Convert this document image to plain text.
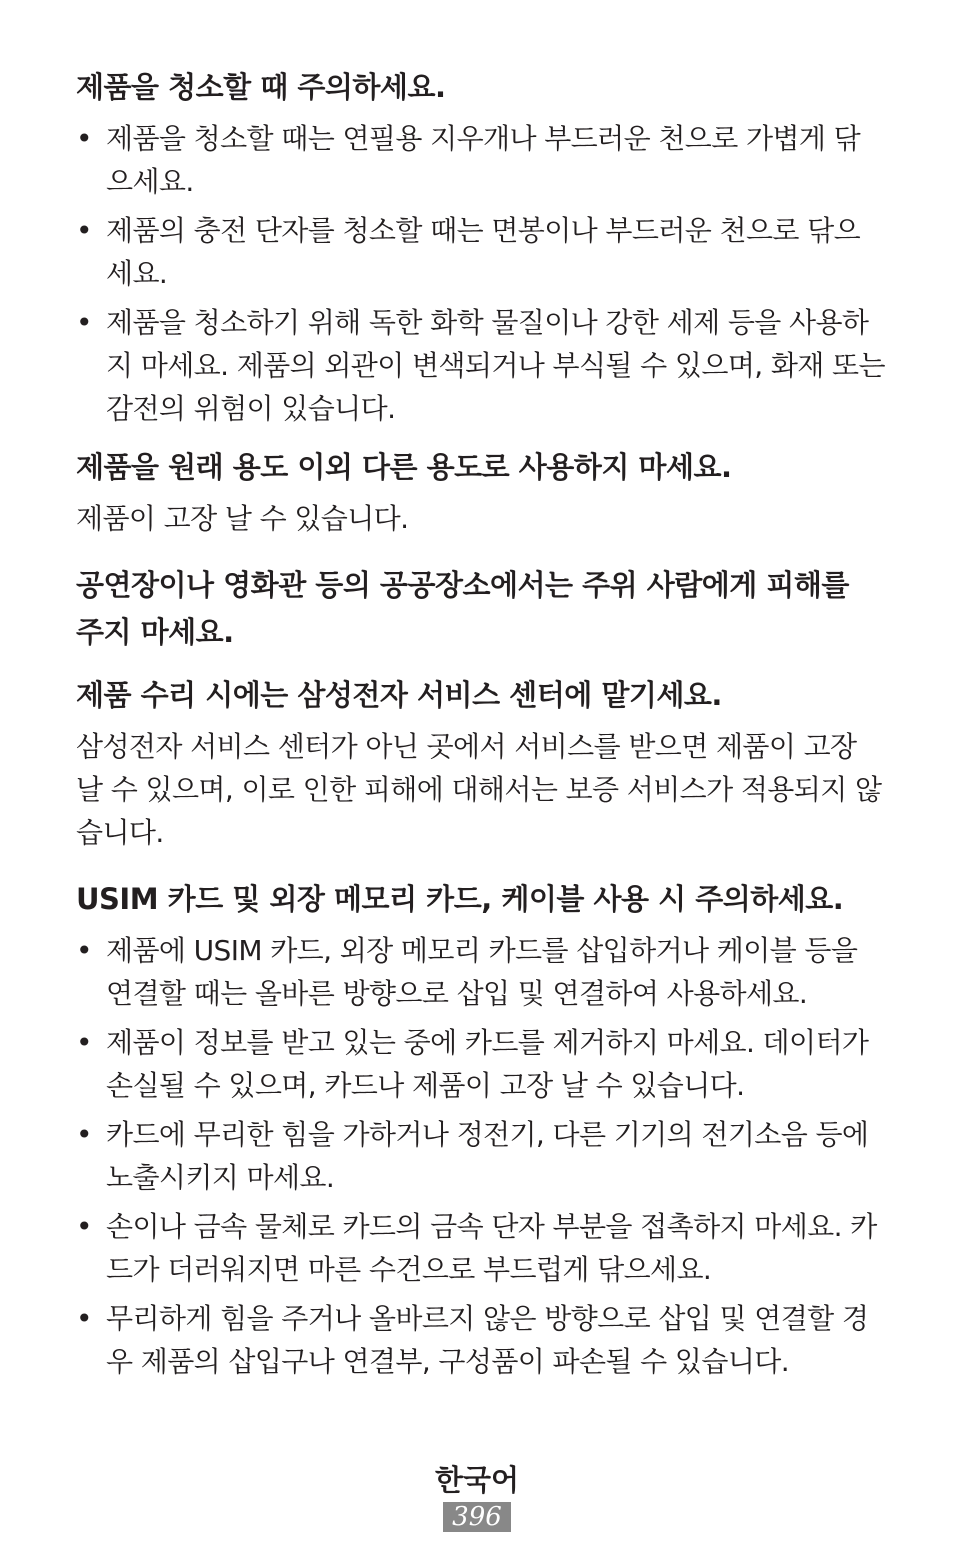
제품을 청소할 때 주의하세요.
• 제품을 청소할 때는 연필용 지우개나 부드러운 천으로 가볍게 닦으세요.
• 제품의 충전 단자를 청소할 때는 면봉이나 부드러운 천으로 닦으세요.
• 제품을 청소하기 위해 독한 화학 물질이나 강한 세제 등을 사용하지 마세요. 제품의 외관이 변색되거나 부식될 수 있으며, 화재 또는 감전의 위험이 있습니다.
제품을 원래 용도 이외 다른 용도로 사용하지 마세요.

제품이 고장 날 수 있습니다.

공연장이나 영화관 등의 공공장소에서는 주위 사람에게 피해를 주지 마세요.
제품 수리 시에는 삼성전자 서비스 센터에 맡기세요.

삼성전자 서비스 센터가 아닌 곳에서 서비스를 받으면 제품이 고장 날 수 있으며, 이로 인한 피해에 대해서는 보증 서비스가 적용되지 않습니다.

USIM 카드 및 외장 메모리 카드, 케이블 사용 시 주의하세요.
• 제품에 USIM 카드, 외장 메모리 카드를 삽입하거나 케이블 등을 연결할 때는 올바른 방향으로 삽입 및 연결하여 사용하세요.
• 제품이 정보를 받고 있는 중에 카드를 제거하지 마세요. 데이터가 손실될 수 있으며, 카드나 제품이 고장 날 수 있습니다.
• 카드에 무리한 힘을 가하거나 정전기, 다른 기기의 전기소음 등에 노출시키지 마세요.
• 손이나 금속 물체로 카드의 금속 단자 부분을 접촉하지 마세요. 카드가 더러워지면 마른 수건으로 부드럽게 닦으세요.
• 무리하게 힘을 주거나 올바르지 않은 방향으로 삽입 및 연결할 경우 제품의 삽입구나 연결부, 구성품이 파손될 수 있습니다.
한국어
396
